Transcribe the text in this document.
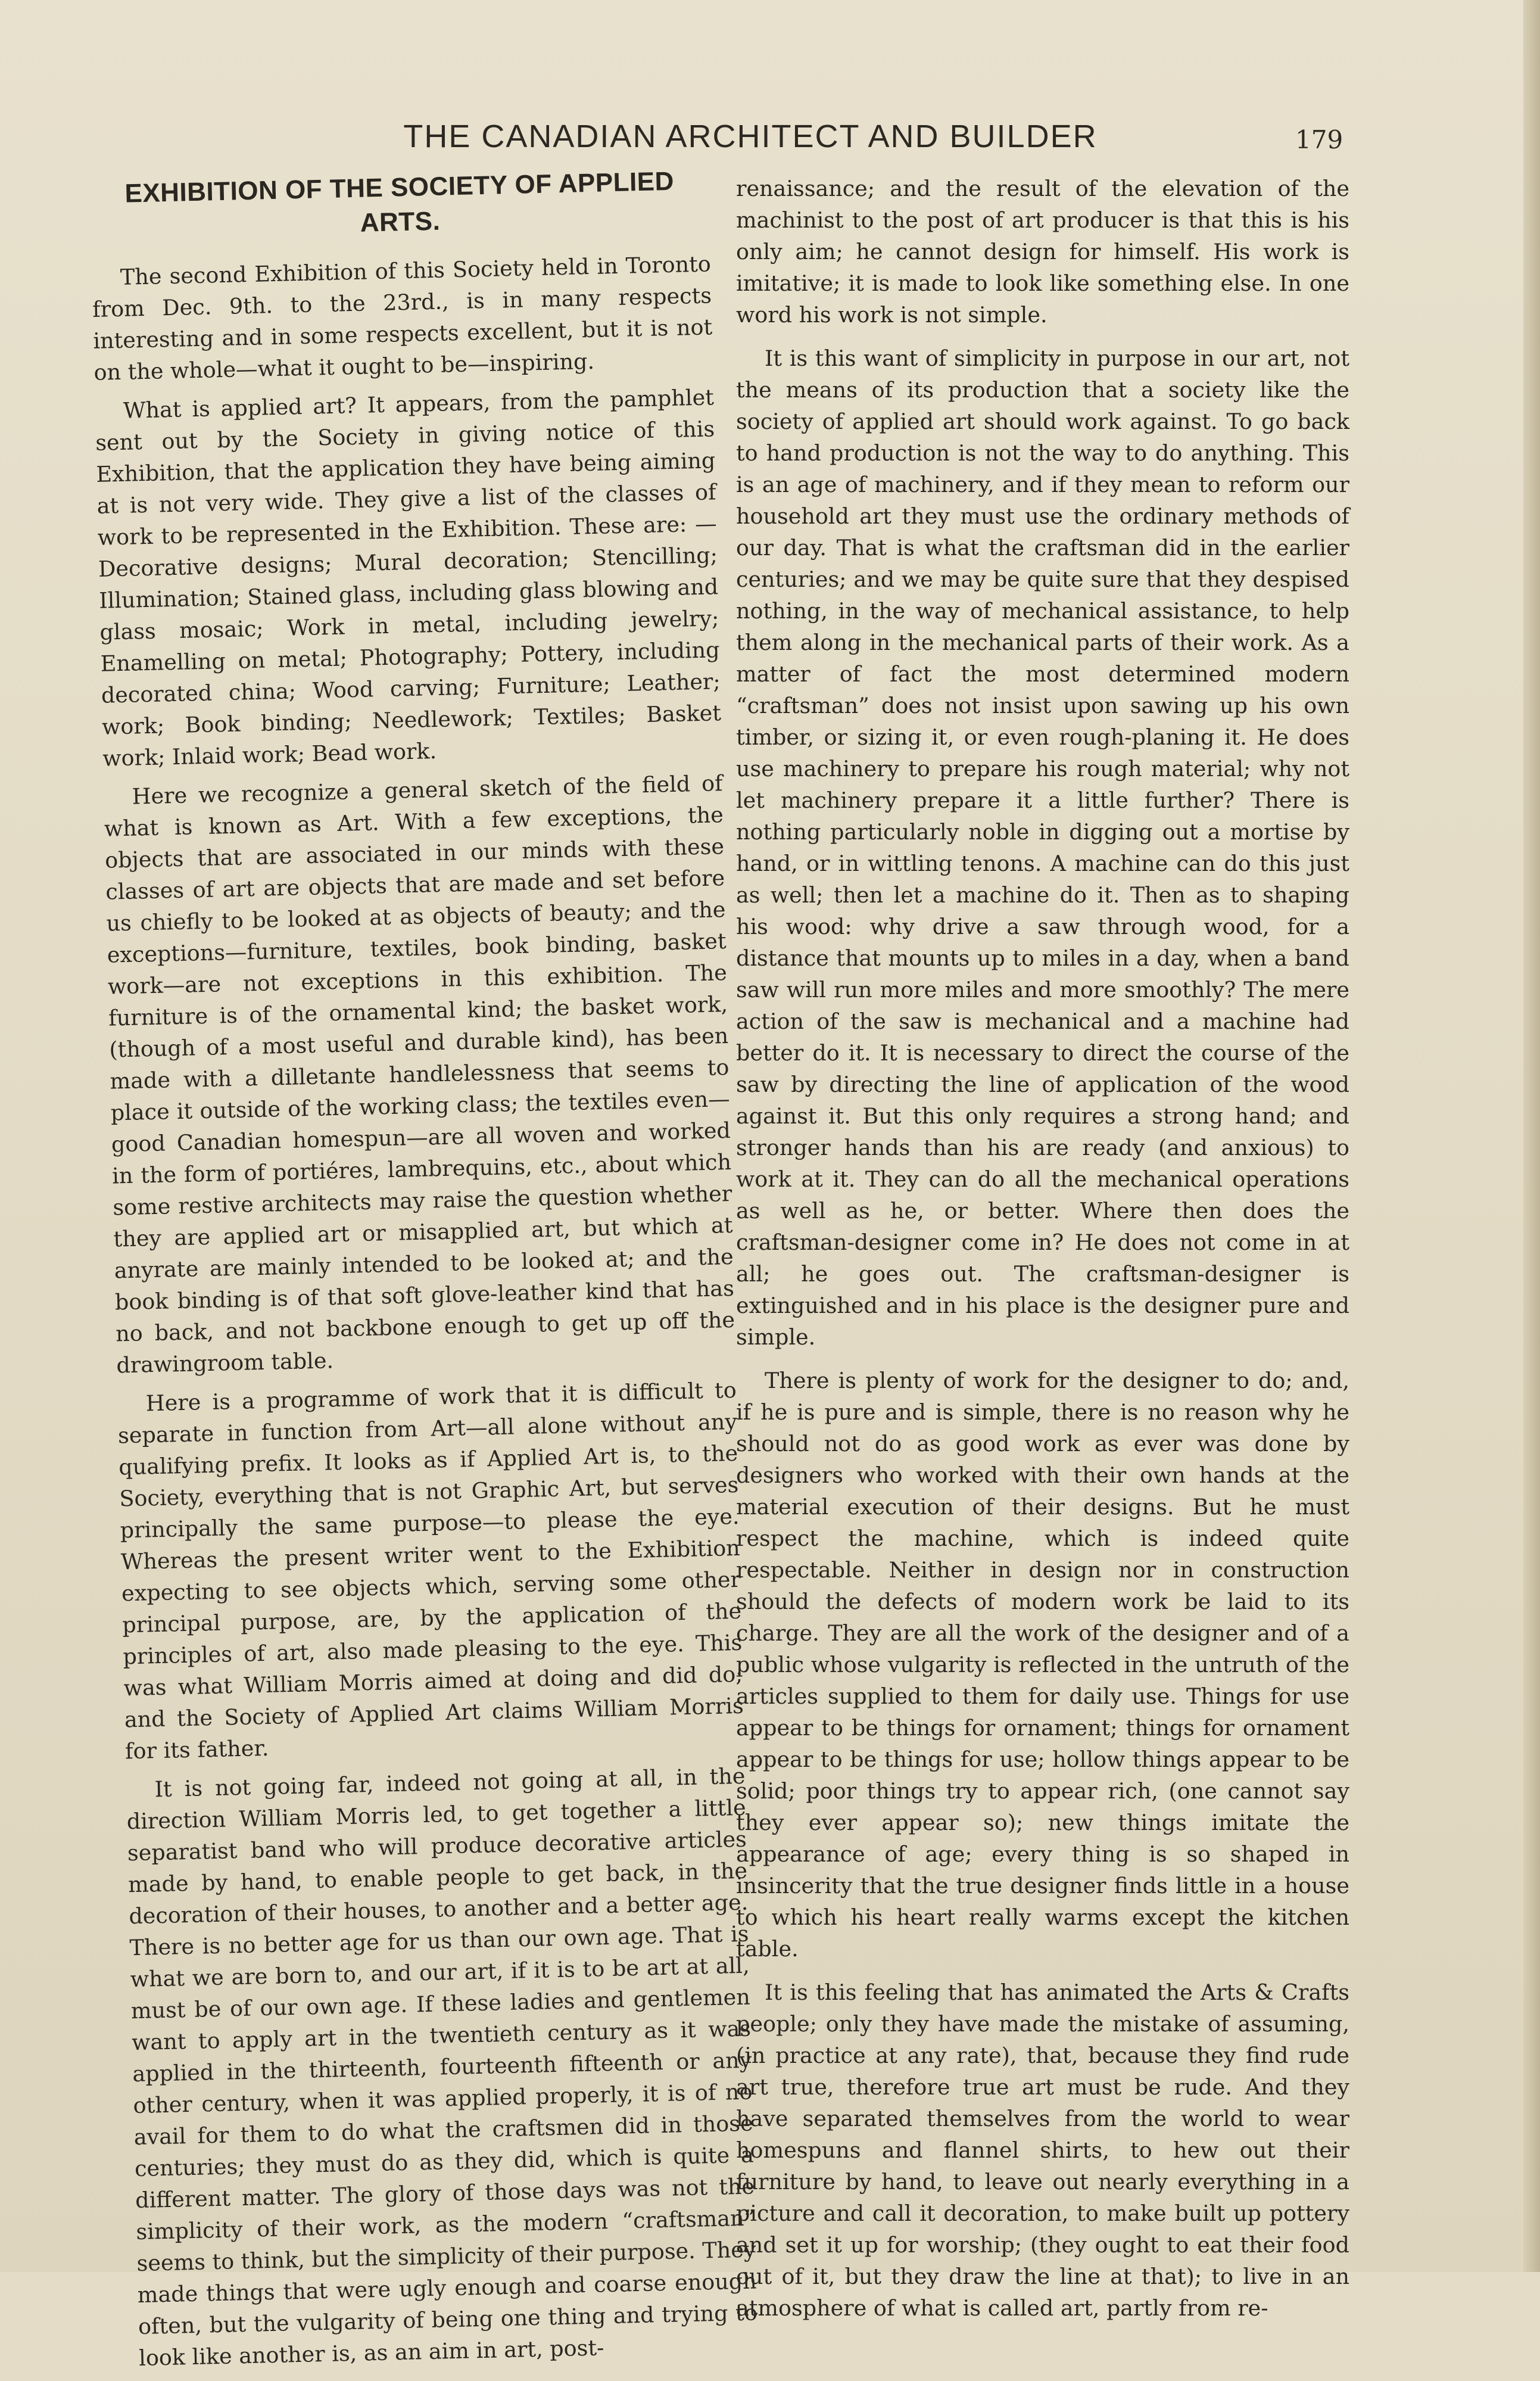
THE CANADIAN ARCHITECT AND BUILDER	179
EXHIBITION OF THE SOCIETY OF APPLIED ARTS.

The second Exhibition of this Society held in Toronto from Dec. 9th. to the 23rd., is in many respects interesting and in some respects excellent, but it is not on the whole—what it ought to be—inspiring.

What is applied art? It appears, from the pamphlet sent out by the Society in giving notice of this Exhibition, that the application they have being aiming at is not very wide. They give a list of the classes of work to be represented in the Exhibition. These are: —Decorative designs; Mural decoration; Stencilling; Illumination; Stained glass, including glass blowing and glass mosaic; Work in metal, including jewelry; Enamelling on metal; Photography; Pottery, including decorated china; Wood carving; Furniture; Leather; work; Book binding; Needlework; Textiles; Basket work; Inlaid work; Bead work.

Here we recognize a general sketch of the field of what is known as Art. With a few exceptions, the objects that are associated in our minds with these classes of art are objects that are made and set before us chiefly to be looked at as objects of beauty; and the exceptions—furniture, textiles, book binding, basket work—are not exceptions in this exhibition. The furniture is of the ornamental kind; the basket work, (though of a most useful and durable kind), has been made with a dilletante handlelessness that seems to place it outside of the working class; the textiles even—good Canadian homespun—are all woven and worked in the form of portiéres, lambrequins, etc., about which some restive architects may raise the question whether they are applied art or misapplied art, but which at anyrate are mainly intended to be looked at; and the book binding is of that soft glove-leather kind that has no back, and not backbone enough to get up off the drawingroom table.

Here is a programme of work that it is difficult to separate in function from Art—all alone without any qualifying prefix. It looks as if Applied Art is, to the Society, everything that is not Graphic Art, but serves principally the same purpose—to please the eye. Whereas the present writer went to the Exhibition expecting to see objects which, serving some other principal purpose, are, by the application of the principles of art, also made pleasing to the eye. This was what William Morris aimed at doing and did do; and the Society of Applied Art claims William Morris for its father.

It is not going far, indeed not going at all, in the direction William Morris led, to get together a little separatist band who will produce decorative articles made by hand, to enable people to get back, in the decoration of their houses, to another and a better age. There is no better age for us than our own age. That is what we are born to, and our art, if it is to be art at all, must be of our own age. If these ladies and gentlemen want to apply art in the twentieth century as it was applied in the thirteenth, fourteenth fifteenth or any other century, when it was applied properly, it is of no avail for them to do what the craftsmen did in those centuries; they must do as they did, which is quite a different matter. The glory of those days was not the simplicity of their work, as the modern “craftsman” seems to think, but the simplicity of their purpose. They made things that were ugly enough and coarse enough often, but the vulgarity of being one thing and trying to look like another is, as an aim in art, post-

renaissance; and the result of the elevation of the machinist to the post of art producer is that this is his only aim; he cannot design for himself. His work is imitative; it is made to look like something else. In one word his work is not simple.

It is this want of simplicity in purpose in our art, not the means of its production that a society like the society of applied art should work against. To go back to hand production is not the way to do anything. This is an age of machinery, and if they mean to reform our household art they must use the ordinary methods of our day. That is what the craftsman did in the earlier centuries; and we may be quite sure that they despised nothing, in the way of mechanical assistance, to help them along in the mechanical parts of their work. As a matter of fact the most determined modern “craftsman” does not insist upon sawing up his own timber, or sizing it, or even rough-planing it. He does use machinery to prepare his rough material; why not let machinery prepare it a little further? There is nothing particularly noble in digging out a mortise by hand, or in wittling tenons. A machine can do this just as well; then let a machine do it. Then as to shaping his wood: why drive a saw through wood, for a distance that mounts up to miles in a day, when a band saw will run more miles and more smoothly? The mere action of the saw is mechanical and a machine had better do it. It is necessary to direct the course of the saw by directing the line of application of the wood against it. But this only requires a strong hand; and stronger hands than his are ready (and anxious) to work at it. They can do all the mechanical operations as well as he, or better. Where then does the craftsman-designer come in? He does not come in at all; he goes out. The craftsman-designer is extinguished and in his place is the designer pure and simple.

There is plenty of work for the designer to do; and, if he is pure and is simple, there is no reason why he should not do as good work as ever was done by designers who worked with their own hands at the material execution of their designs. But he must respect the machine, which is indeed quite respectable. Neither in design nor in construction should the defects of modern work be laid to its charge. They are all the work of the designer and of a public whose vulgarity is reflected in the untruth of the articles supplied to them for daily use. Things for use appear to be things for ornament; things for ornament appear to be things for use; hollow things appear to be solid; poor things try to appear rich, (one cannot say they ever appear so); new things imitate the appearance of age; every thing is so shaped in insincerity that the true designer finds little in a house to which his heart really warms except the kitchen table.

It is this feeling that has animated the Arts & Crafts people; only they have made the mistake of assuming, (in practice at any rate), that, because they find rude art true, therefore true art must be rude. And they have separated themselves from the world to wear homespuns and flannel shirts, to hew out their furniture by hand, to leave out nearly everything in a picture and call it decoration, to make built up pottery and set it up for worship; (they ought to eat their food out of it, but they draw the line at that); to live in an atmosphere of what is called art, partly from re-
